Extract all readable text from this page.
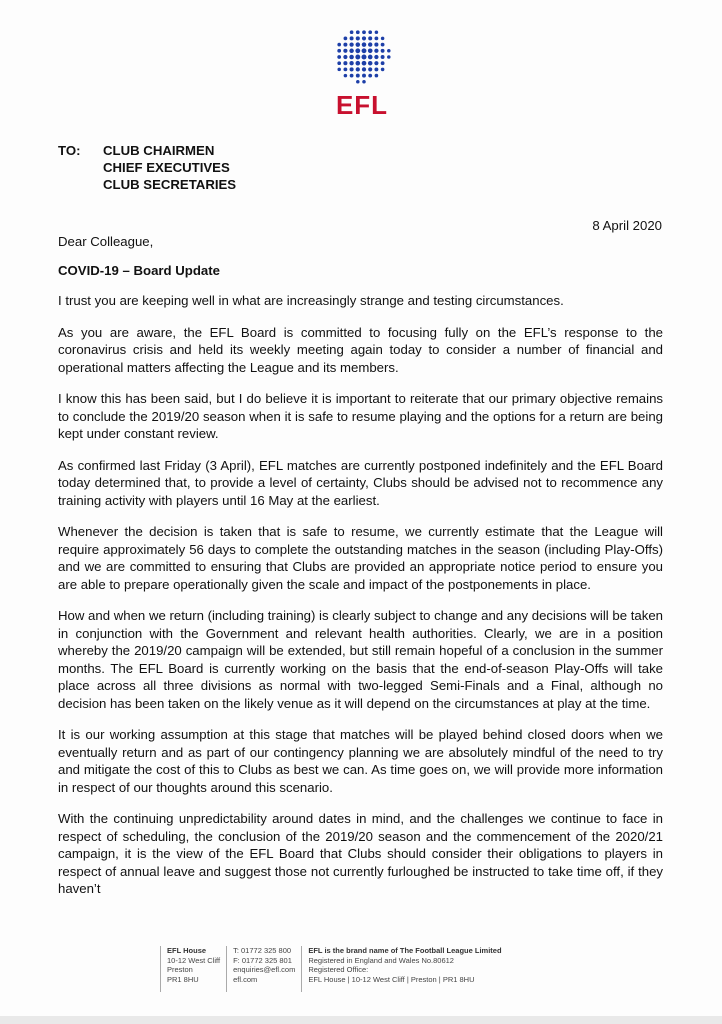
EFL
TO: CLUB CHAIRMEN
CHIEF EXECUTIVES
CLUB SECRETARIES
8 April 2020
Dear Colleague,
COVID-19 – Board Update

I trust you are keeping well in what are increasingly strange and testing circumstances.

As you are aware, the EFL Board is committed to focusing fully on the EFL’s response to the coronavirus crisis and held its weekly meeting again today to consider a number of financial and operational matters affecting the League and its members.

I know this has been said, but I do believe it is important to reiterate that our primary objective remains to conclude the 2019/20 season when it is safe to resume playing and the options for a return are being kept under constant review.

As confirmed last Friday (3 April), EFL matches are currently postponed indefinitely and the EFL Board today determined that, to provide a level of certainty, Clubs should be advised not to recommence any training activity with players until 16 May at the earliest.

Whenever the decision is taken that is safe to resume, we currently estimate that the League will require approximately 56 days to complete the outstanding matches in the season (including Play-Offs) and we are committed to ensuring that Clubs are provided an appropriate notice period to ensure you are able to prepare operationally given the scale and impact of the postponements in place.

How and when we return (including training) is clearly subject to change and any decisions will be taken in conjunction with the Government and relevant health authorities. Clearly, we are in a position whereby the 2019/20 campaign will be extended, but still remain hopeful of a conclusion in the summer months. The EFL Board is currently working on the basis that the end-of-season Play-Offs will take place across all three divisions as normal with two-legged Semi-Finals and a Final, although no decision has been taken on the likely venue as it will depend on the circumstances at play at the time.

It is our working assumption at this stage that matches will be played behind closed doors when we eventually return and as part of our contingency planning we are absolutely mindful of the need to try and mitigate the cost of this to Clubs as best we can. As time goes on, we will provide more information in respect of our thoughts around this scenario.

With the continuing unpredictability around dates in mind, and the challenges we continue to face in respect of scheduling, the conclusion of the 2019/20 season and the commencement of the 2020/21 campaign, it is the view of the EFL Board that Clubs should consider their obligations to players in respect of annual leave and suggest those not currently furloughed be instructed to take time off, if they haven’t

EFL House
10-12 West Cliff
Preston
PR1 8HU
T: 01772 325 800
F: 01772 325 801
enquiries@efl.com
efl.com
EFL is the brand name of The Football League Limited
Registered in England and Wales No.80612
Registered Office:
EFL House | 10-12 West Cliff | Preston | PR1 8HU
